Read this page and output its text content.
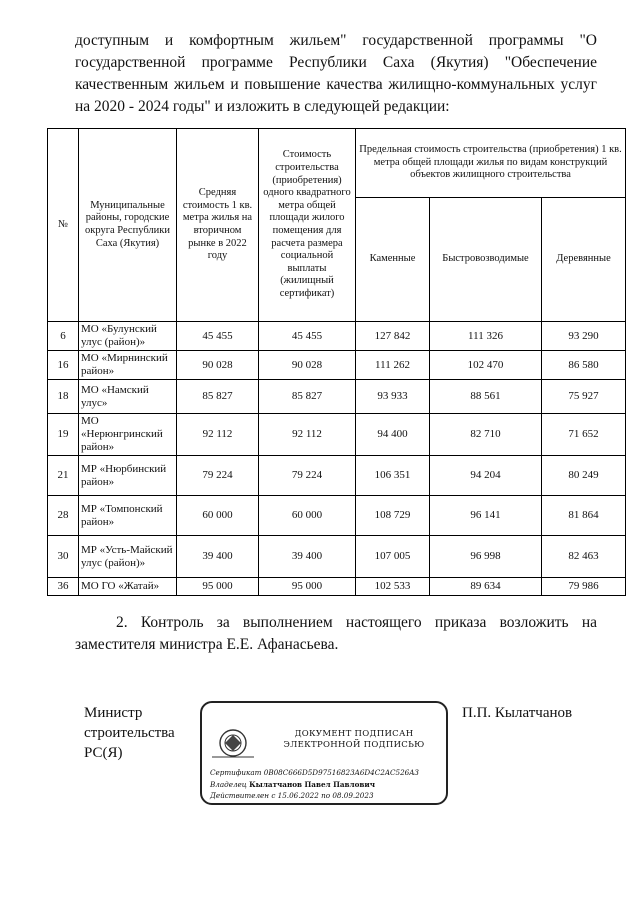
доступным и комфортным жильем" государственной программы "О государственной программе Республики Саха (Якутия) "Обеспечение качественным жильем и повышение качества жилищно-коммунальных услуг на 2020 - 2024 годы" и изложить в следующей редакции:

№	Муниципальные районы, городские округа Республики Саха (Якутия)	Средняя стоимость 1 кв. метра жилья на вторичном рынке в 2022 году	Стоимость строительства (приобретения) одного квадратного метра общей площади жилого помещения для расчета размера социальной выплаты (жилищный сертификат)	Предельная стоимость строительства (приобретения) 1 кв. метра общей площади жилья по видам конструкций объектов жилищного строительства		
				Каменные	Быстровозводимые	Деревянные
6	МО «Булунский улус (район)»	45 455	45 455	127 842	111 326	93 290
16	МО «Мирнинский район»	90 028	90 028	111 262	102 470	86 580
18	МО «Намский улус»	85 827	85 827	93 933	88 561	75 927
19	МО «Нерюнгринский район»	92 112	92 112	94 400	82 710	71 652
21	МР «Нюрбинский район»	79 224	79 224	106 351	94 204	80 249
28	МР «Томпонский район»	60 000	60 000	108 729	96 141	81 864
30	МР «Усть-Майский улус (район)»	39 400	39 400	107 005	96 998	82 463
36	МО ГО «Жатай»	95 000	95 000	102 533	89 634	79 986
2. Контроль за выполнением настоящего приказа возложить на заместителя министра Е.Е. Афанасьева.
Министр строительства РС(Я)
П.П. Кылатчанов
ДОКУМЕНТ ПОДПИСАН
ЭЛЕКТРОННОЙ ПОДПИСЬЮ
Сертификат 0B08C666D5D97516823A6D4C2AC526A3
Владелец Кылатчанов Павел Павлович
Действителен с 15.06.2022 по 08.09.2023
